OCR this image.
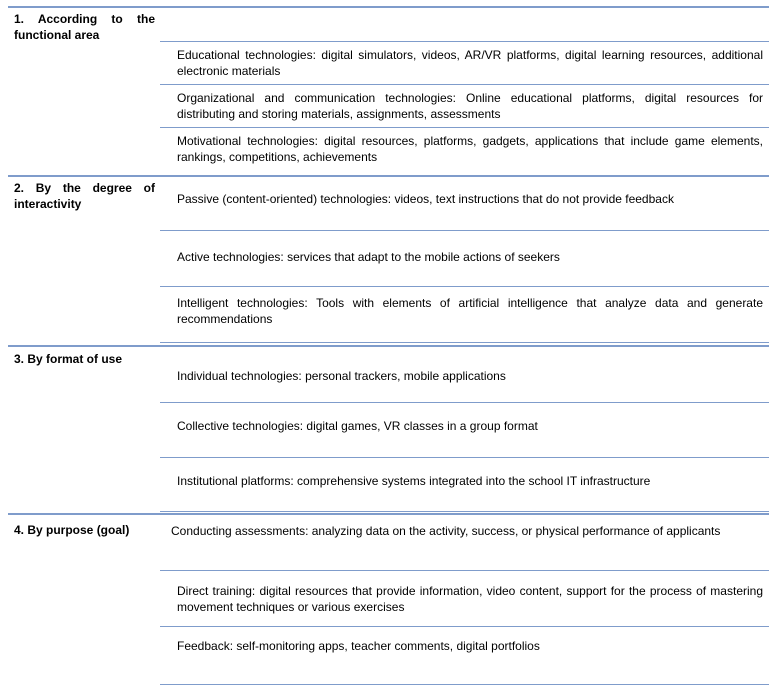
1. According to the functional area
Educational technologies: digital simulators, videos, AR/VR platforms, digital learning resources, additional electronic materials
Organizational and communication technologies: Online educational platforms, digital resources for distributing and storing materials, assignments, assessments
Motivational technologies: digital resources, platforms, gadgets, applications that include game elements, rankings, competitions, achievements
2. By the degree of interactivity	Passive (content-oriented) technologies: videos, text instructions that do not provide feedback
Active technologies: services that adapt to the mobile actions of seekers
Intelligent technologies: Tools with elements of artificial intelligence that analyze data and generate recommendations
3. By format of use
Individual technologies: personal trackers, mobile applications
Collective technologies: digital games, VR classes in a group format
Institutional platforms: comprehensive systems integrated into the school IT infrastructure
4. By purpose (goal)	Conducting assessments: analyzing data on the activity, success, or physical performance of applicants
Direct training: digital resources that provide information, video content, support for the process of mastering movement techniques or various exercises
Feedback: self-monitoring apps, teacher comments, digital portfolios
